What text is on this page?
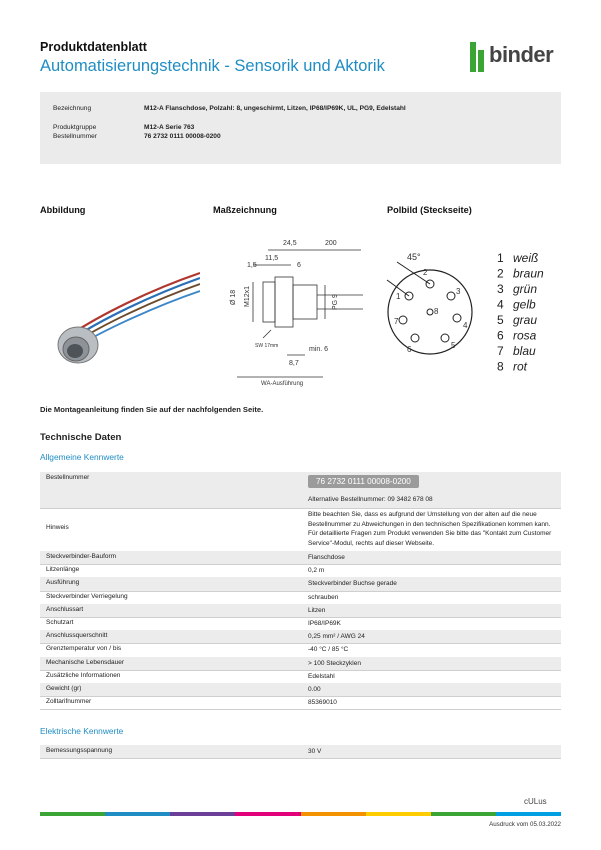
Produktdatenblatt
Automatisierungstechnik - Sensorik und Aktorik	binder
Bezeichnung	M12-A Flanschdose, Polzahl: 8, ungeschirmt, Litzen, IP68/IP69K, UL, PG9, Edelstahl
Produktgruppe	M12-A Serie 763
Bestellnummer	76 2732 0111 00008-0200
Abbildung	Maßzeichnung	Polbild (Steckseite)
24,5	200
11,5
1,5	6
Ø 18 M12x1	PG 9
SW 17mm
8,7
min. 6
WA-Ausführung
45°
1
2
3
4
5
6
7
8
1 weiß
2 braun
3 grün
4 gelb
5 grau
6 rosa
7 blau
8 rot
Die Montageanleitung finden Sie auf der nachfolgenden Seite.
Technische Daten
Allgemeine Kennwerte
Bestellnummer	76 2732 0111 00008-0200
Alternative Bestellnummer: 09 3482 678 08
Hinweis
Bitte beachten Sie, dass es aufgrund der Umstellung von der alten auf die neue Bestellnummer zu Abweichungen in den technischen Spezifikationen kommen kann. Für detaillierte Fragen zum Produkt verwenden Sie bitte das "Kontakt zum Customer Service"-Modul, rechts auf dieser Webseite.
Steckverbinder-Bauform	Flanschdose
Litzenlänge	0,2 m
Ausführung	Steckverbinder Buchse gerade
Steckverbinder Verriegelung	schrauben
Anschlussart	Litzen
Schutzart	IP68/IP69K
Anschlussquerschnitt	0,25 mm² / AWG 24
Grenztemperatur von / bis	-40 °C / 85 °C
Mechanische Lebensdauer	> 100 Steckzyklen
Zusätzliche Informationen	Edelstahl
Gewicht (gr)	0.00
Zolltarifnummer	85369010
Elektrische Kennwerte
Bemessungsspannung	30 V
cULus
Ausdruck vom 05.03.2022
